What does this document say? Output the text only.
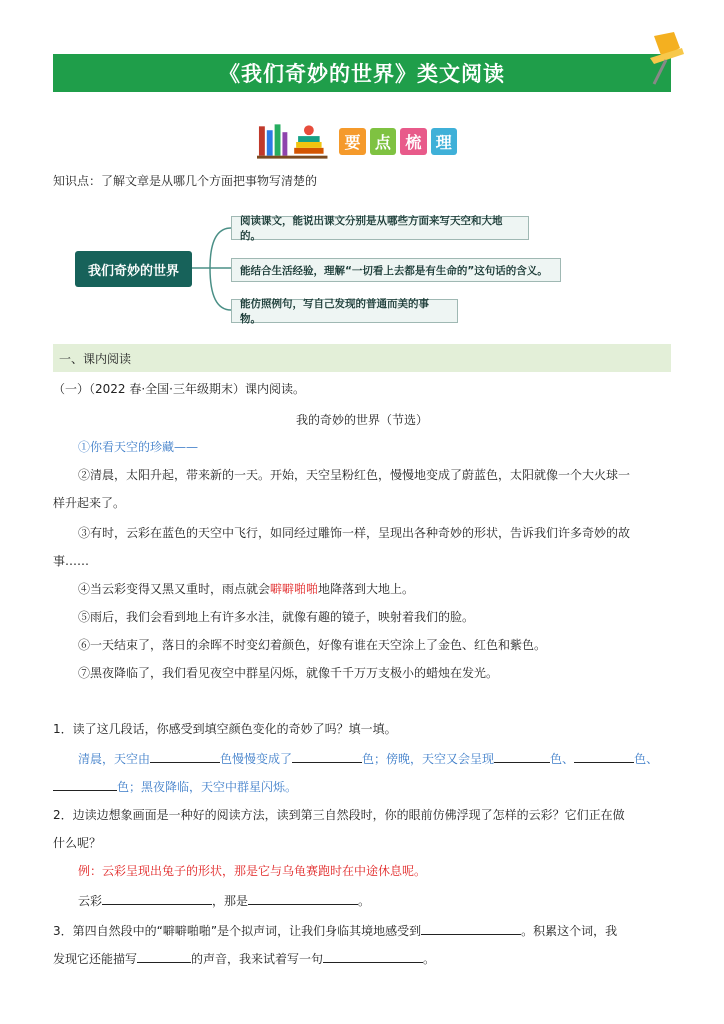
《我们奇妙的世界》类文阅读
要 点 梳 理
知识点：了解文章是从哪几个方面把事物写清楚的
我们奇妙的世界
阅读课文，能说出课文分别是从哪些方面来写天空和大地的。
能结合生活经验，理解“一切看上去都是有生命的”这句话的含义。
能仿照例句，写自己发现的普通而美的事物。
一、课内阅读
（一）（2022 春·全国·三年级期末）课内阅读。
我的奇妙的世界（节选）
①你看天空的珍藏——
②清晨，太阳升起，带来新的一天。开始，天空呈粉红色，慢慢地变成了蔚蓝色，太阳就像一个大火球一
样升起来了。
③有时，云彩在蓝色的天空中飞行，如同经过雕饰一样，呈现出各种奇妙的形状，告诉我们许多奇妙的故
事……
④当云彩变得又黑又重时，雨点就会噼噼啪啪地降落到大地上。
⑤雨后，我们会看到地上有许多水洼，就像有趣的镜子，映射着我们的脸。
⑥一天结束了，落日的余晖不时变幻着颜色，好像有谁在天空涂上了金色、红色和紫色。
⑦黑夜降临了，我们看见夜空中群星闪烁，就像千千万万支极小的蜡烛在发光。
1．读了这几段话，你感受到填空颜色变化的奇妙了吗？填一填。
清晨，天空由	色慢慢变成了	色；傍晚，天空又会呈现	色、	色、
色；黑夜降临，天空中群星闪烁。
2．边读边想象画面是一种好的阅读方法，读到第三自然段时，你的眼前仿佛浮现了怎样的云彩？它们正在做
什么呢？
例：云彩呈现出兔子的形状，那是它与乌龟赛跑时在中途休息呢。
云彩	，那是	。
3．第四自然段中的“噼噼啪啪”是个拟声词，让我们身临其境地感受到	。积累这个词，我
发现它还能描写	的声音，我来试着写一句	。
